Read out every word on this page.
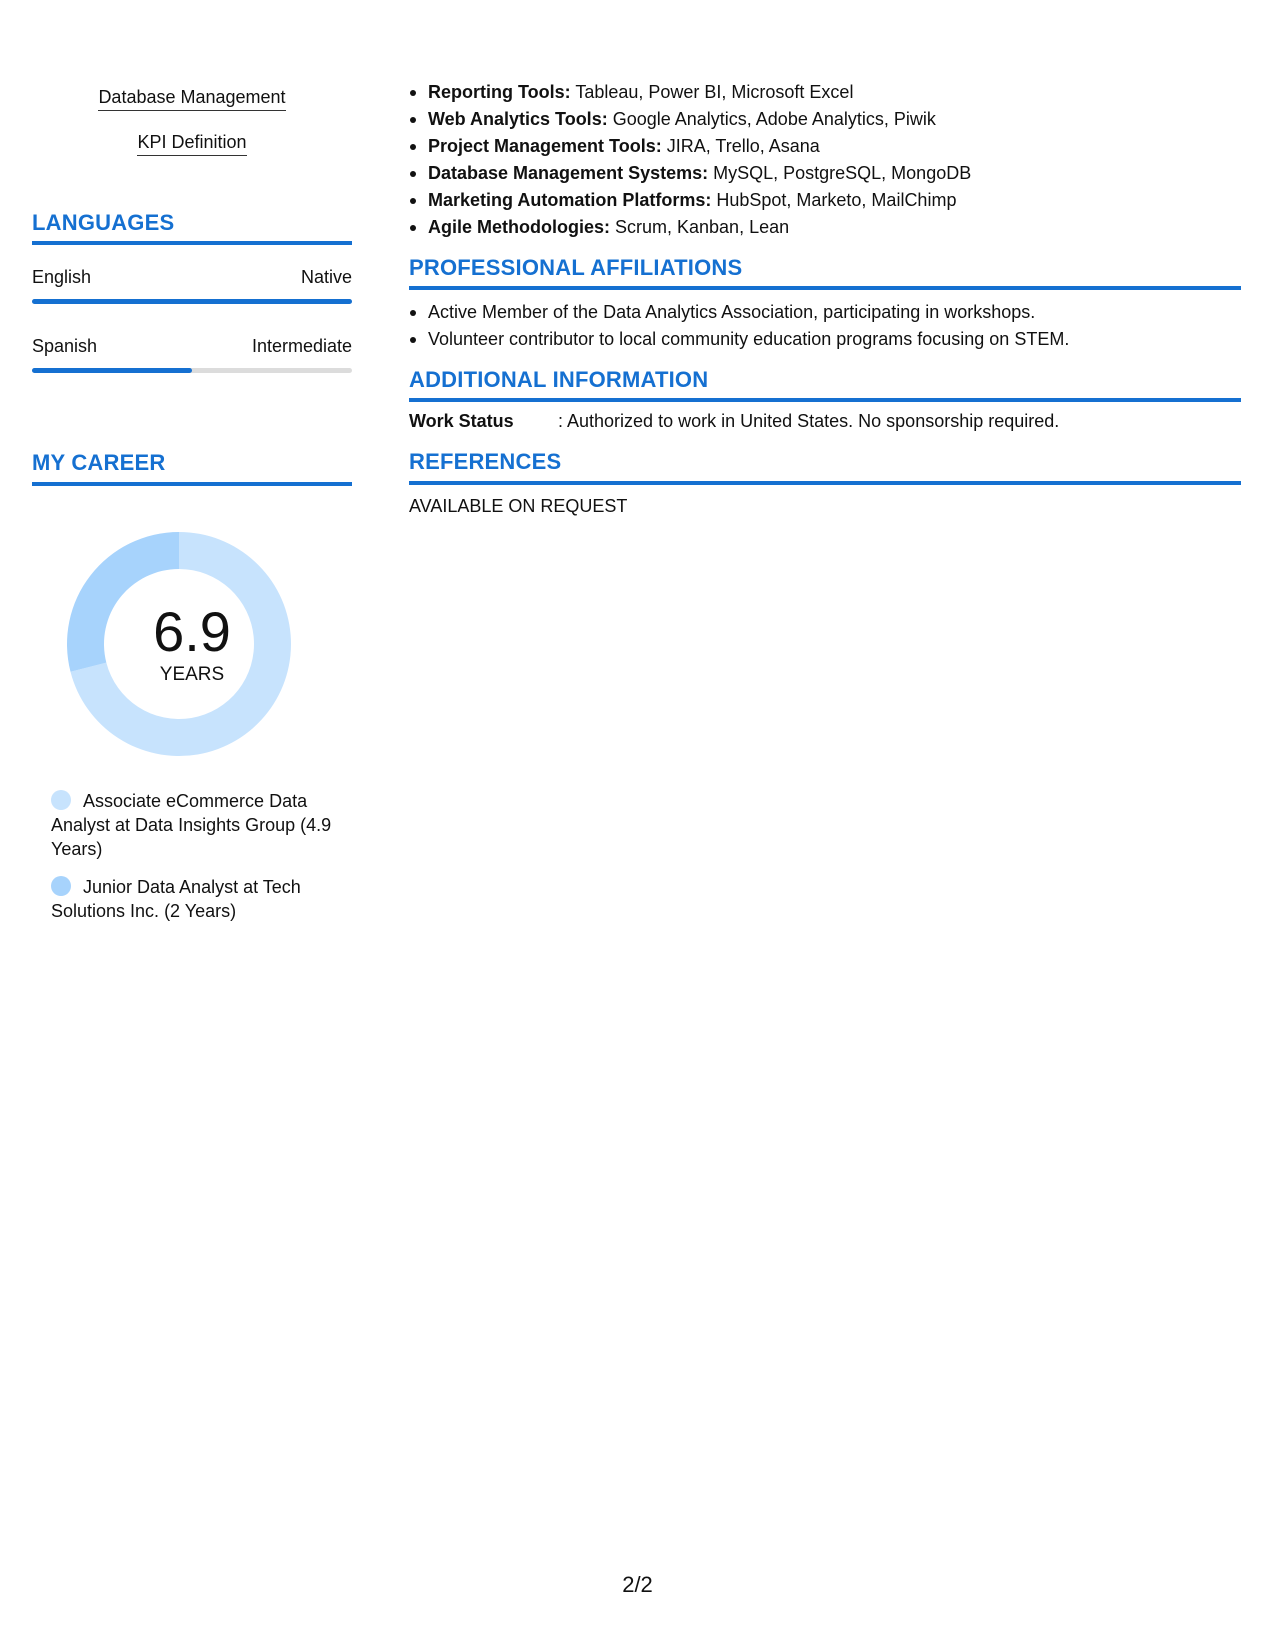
Database Management
KPI Definition
LANGUAGES
English	Native
Spanish	Intermediate
MY CAREER
6.9
YEARS
Associate eCommerce Data Analyst at Data Insights Group (4.9 Years)
Junior Data Analyst at Tech Solutions Inc. (2 Years)
Reporting Tools: Tableau, Power BI, Microsoft Excel
Web Analytics Tools: Google Analytics, Adobe Analytics, Piwik
Project Management Tools: JIRA, Trello, Asana
Database Management Systems: MySQL, PostgreSQL, MongoDB
Marketing Automation Platforms: HubSpot, Marketo, MailChimp
Agile Methodologies: Scrum, Kanban, Lean
PROFESSIONAL AFFILIATIONS
Active Member of the Data Analytics Association, participating in workshops.
Volunteer contributor to local community education programs focusing on STEM.
ADDITIONAL INFORMATION
Work Status : Authorized to work in United States. No sponsorship required.
REFERENCES
AVAILABLE ON REQUEST
2/2
